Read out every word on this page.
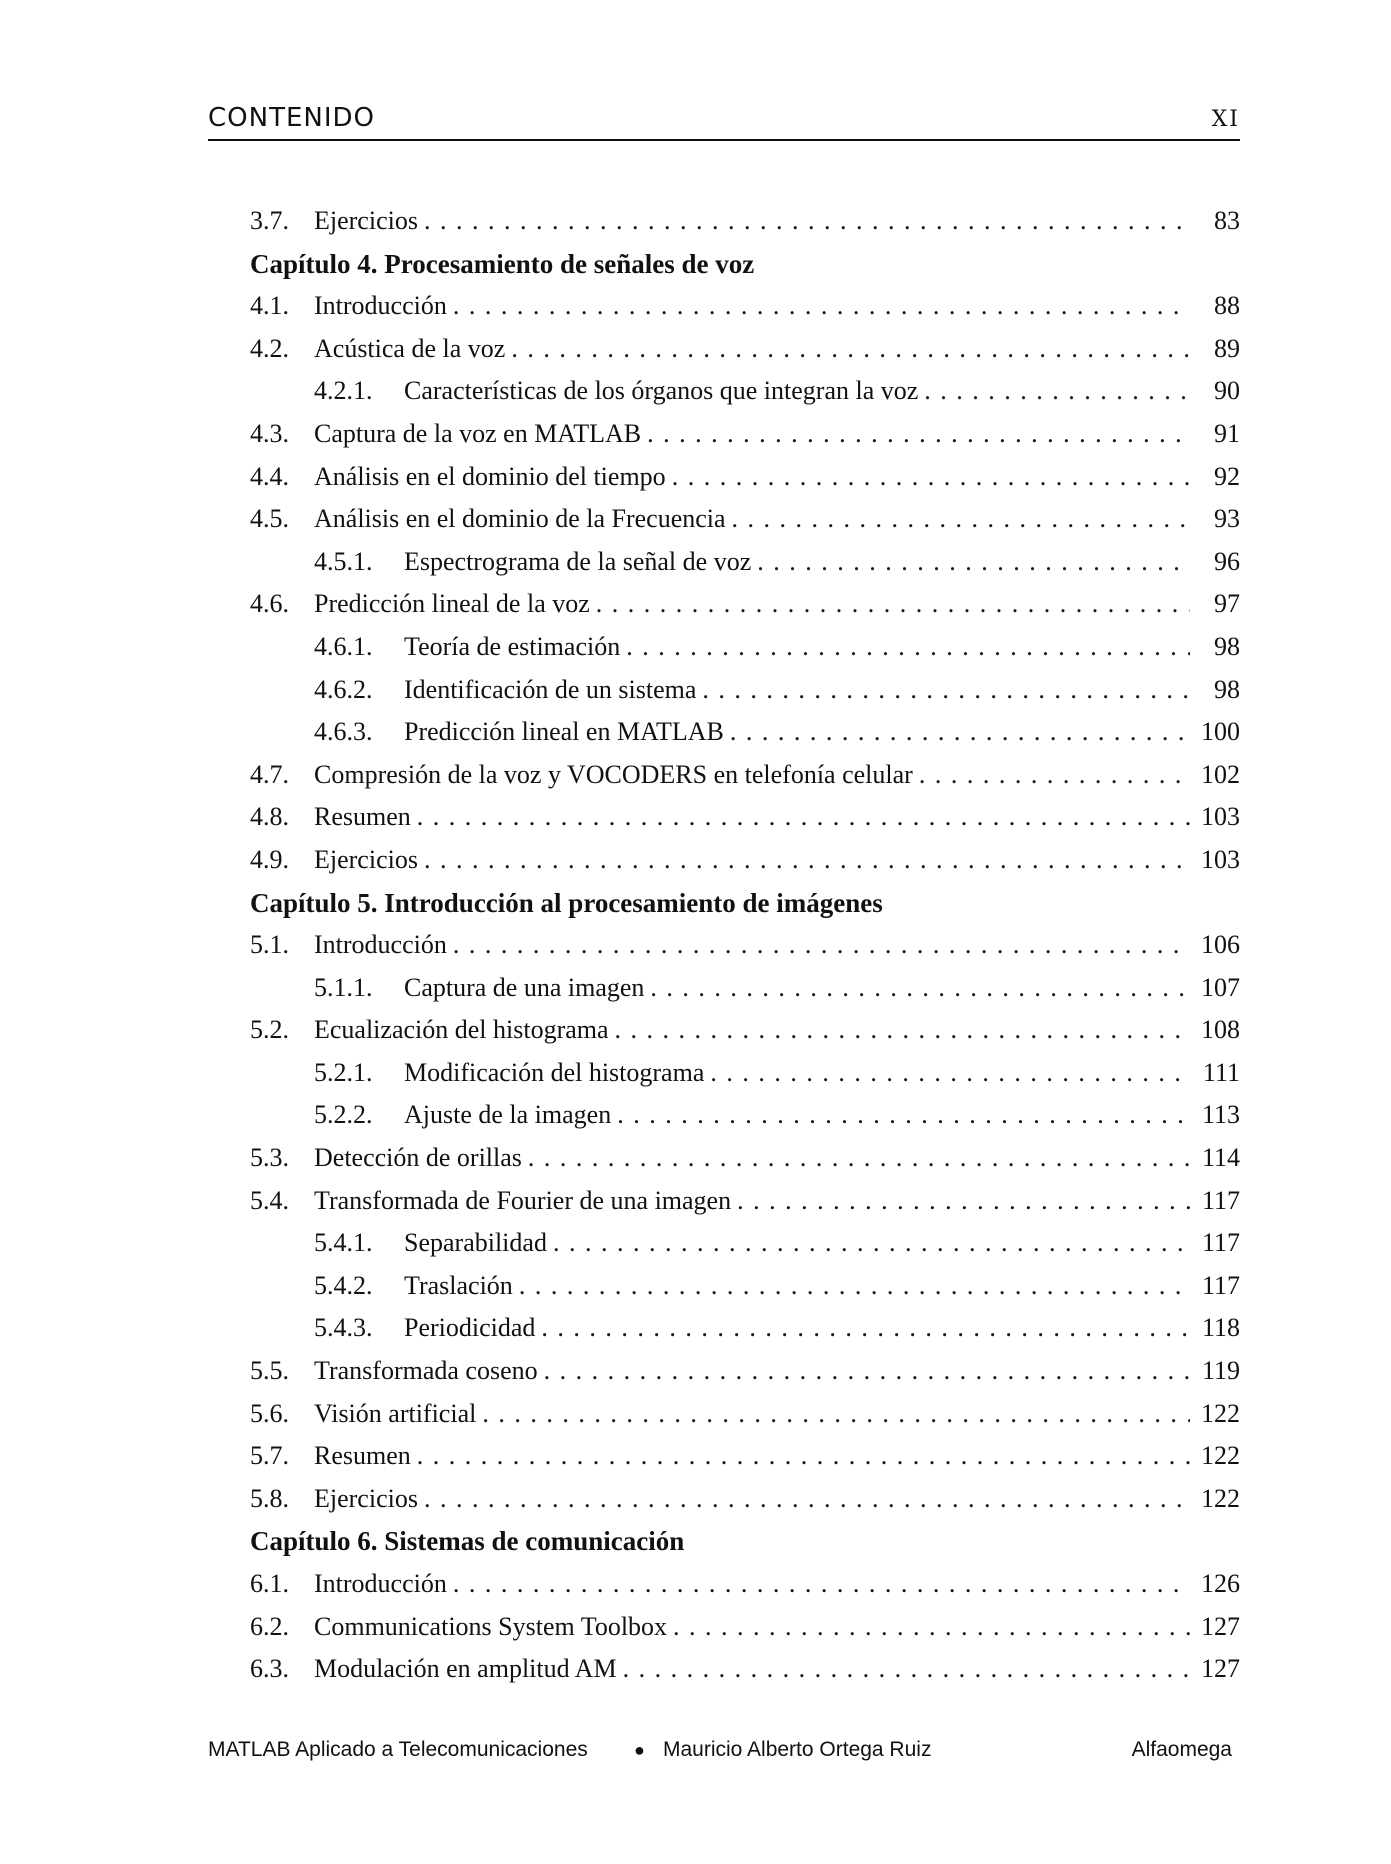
CONTENIDO	XI
3.7. Ejercicios . . .	83
Capítulo 4. Procesamiento de señales de voz
4.1. Introducción . . .	88
4.2. Acústica de la voz . . .	89
4.2.1.	Características de los órganos que integran la voz . . .	90
4.3. Captura de la voz en MATLAB . . .	91
4.4. Análisis en el dominio del tiempo . . .	92
4.5. Análisis en el dominio de la Frecuencia . . .	93
4.5.1.	Espectrograma de la señal de voz . . .	96
4.6. Predicción lineal de la voz . . .	97
4.6.1.	Teoría de estimación . . .	98
4.6.2.	Identificación de un sistema . . .	98
4.6.3.	Predicción lineal en MATLAB . . .	100
4.7. Compresión de la voz y VOCODERS en telefonía celular . . .	102
4.8. Resumen . . .	103
4.9. Ejercicios . . .	103
Capítulo 5. Introducción al procesamiento de imágenes
5.1. Introducción . . .	106
5.1.1.	Captura de una imagen . . .	107
5.2. Ecualización del histograma . . .	108
5.2.1.	Modificación del histograma . . .	111
5.2.2.	Ajuste de la imagen . . .	113
5.3. Detección de orillas . . .	114
5.4. Transformada de Fourier de una imagen . . .	117
5.4.1.	Separabilidad . . .	117
5.4.2.	Traslación . . .	117
5.4.3.	Periodicidad . . .	118
5.5. Transformada coseno . . .	119
5.6. Visión artificial . . .	122
5.7. Resumen . . .	122
5.8. Ejercicios . . .	122
Capítulo 6. Sistemas de comunicación
6.1. Introducción . . .	126
6.2. Communications System Toolbox . . .	127
6.3. Modulación en amplitud AM . . .	127
MATLAB Aplicado a Telecomunicaciones	● Mauricio Alberto Ortega Ruiz	Alfaomega
